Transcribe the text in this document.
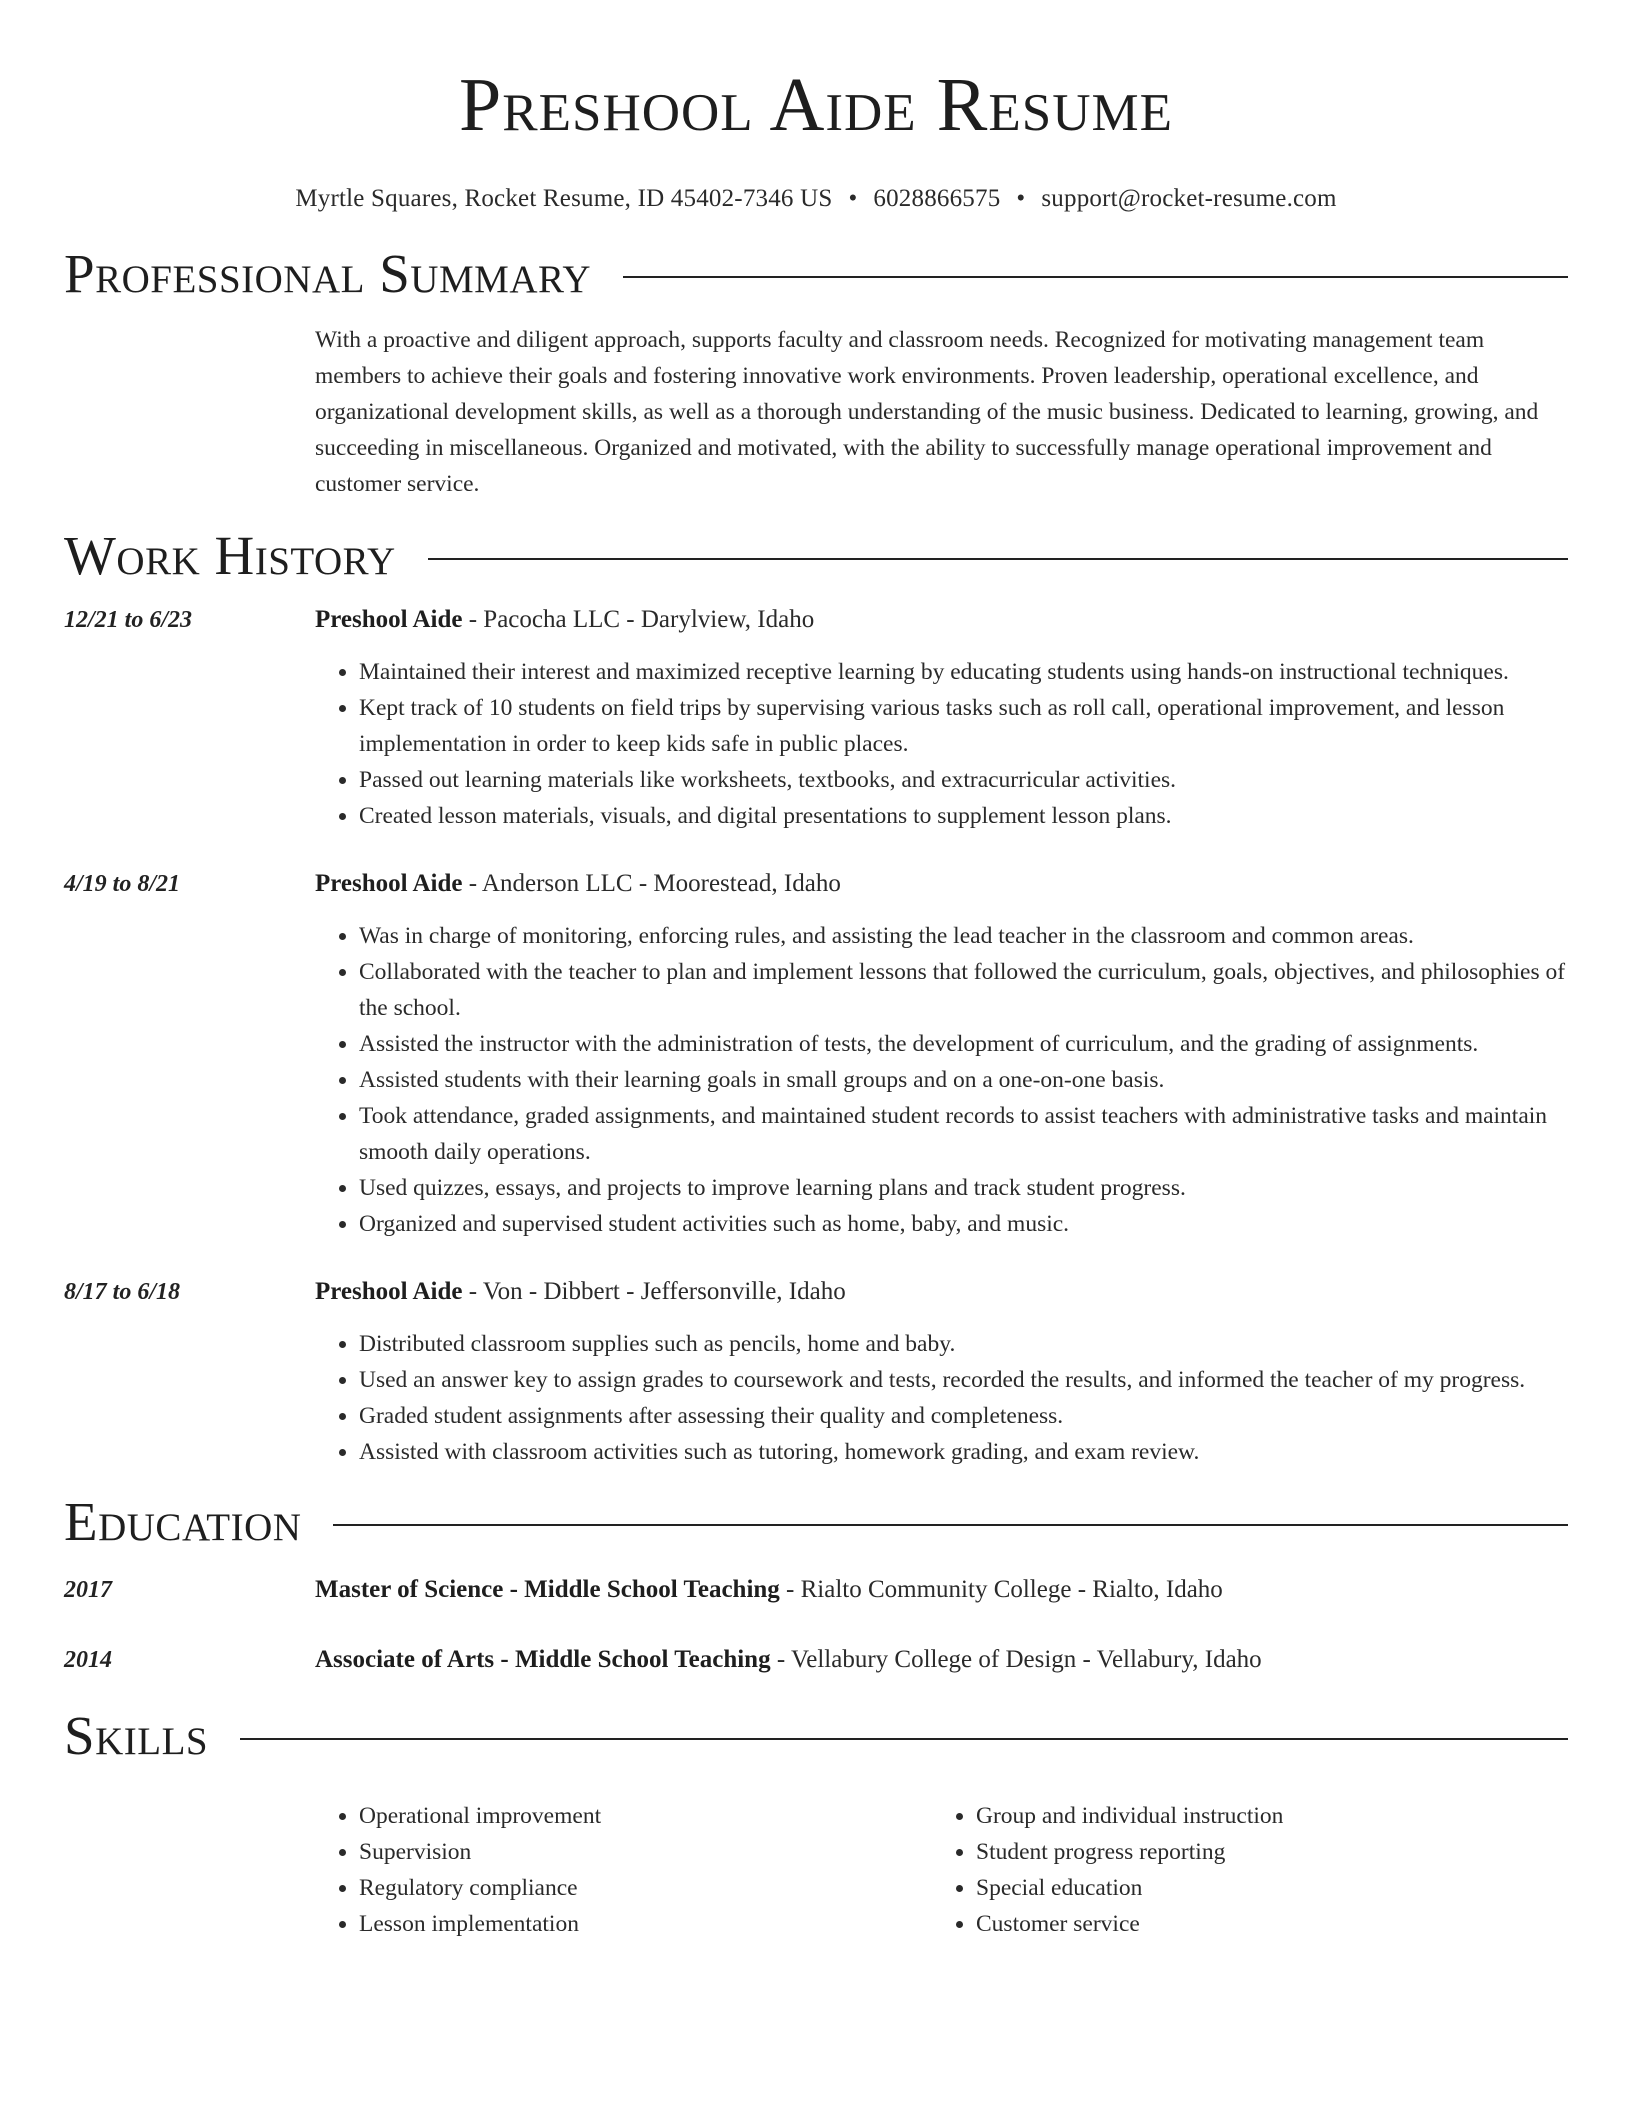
Preshool Aide Resume
Myrtle Squares, Rocket Resume, ID 45402-7346 US • 6028866575 • support@rocket-resume.com
Professional Summary
With a proactive and diligent approach, supports faculty and classroom needs. Recognized for motivating management team members to achieve their goals and fostering innovative work environments. Proven leadership, operational excellence, and organizational development skills, as well as a thorough understanding of the music business. Dedicated to learning, growing, and succeeding in miscellaneous. Organized and motivated, with the ability to successfully manage operational improvement and customer service.
Work History
12/21 to 6/23	Preshool Aide - Pacocha LLC - Darylview, Idaho
• Maintained their interest and maximized receptive learning by educating students using hands-on instructional techniques.
• Kept track of 10 students on field trips by supervising various tasks such as roll call, operational improvement, and lesson implementation in order to keep kids safe in public places.
• Passed out learning materials like worksheets, textbooks, and extracurricular activities.
• Created lesson materials, visuals, and digital presentations to supplement lesson plans.
4/19 to 8/21	Preshool Aide - Anderson LLC - Moorestead, Idaho
• Was in charge of monitoring, enforcing rules, and assisting the lead teacher in the classroom and common areas.
• Collaborated with the teacher to plan and implement lessons that followed the curriculum, goals, objectives, and philosophies of the school.
• Assisted the instructor with the administration of tests, the development of curriculum, and the grading of assignments.
• Assisted students with their learning goals in small groups and on a one-on-one basis.
• Took attendance, graded assignments, and maintained student records to assist teachers with administrative tasks and maintain smooth daily operations.
• Used quizzes, essays, and projects to improve learning plans and track student progress.
• Organized and supervised student activities such as home, baby, and music.
8/17 to 6/18	Preshool Aide - Von - Dibbert - Jeffersonville, Idaho
• Distributed classroom supplies such as pencils, home and baby.
• Used an answer key to assign grades to coursework and tests, recorded the results, and informed the teacher of my progress.
• Graded student assignments after assessing their quality and completeness.
• Assisted with classroom activities such as tutoring, homework grading, and exam review.
Education
2017	Master of Science - Middle School Teaching - Rialto Community College - Rialto, Idaho
2014	Associate of Arts - Middle School Teaching - Vellabury College of Design - Vellabury, Idaho
Skills
• Operational improvement
• Supervision
• Regulatory compliance
• Lesson implementation
• Group and individual instruction
• Student progress reporting
• Special education
• Customer service
